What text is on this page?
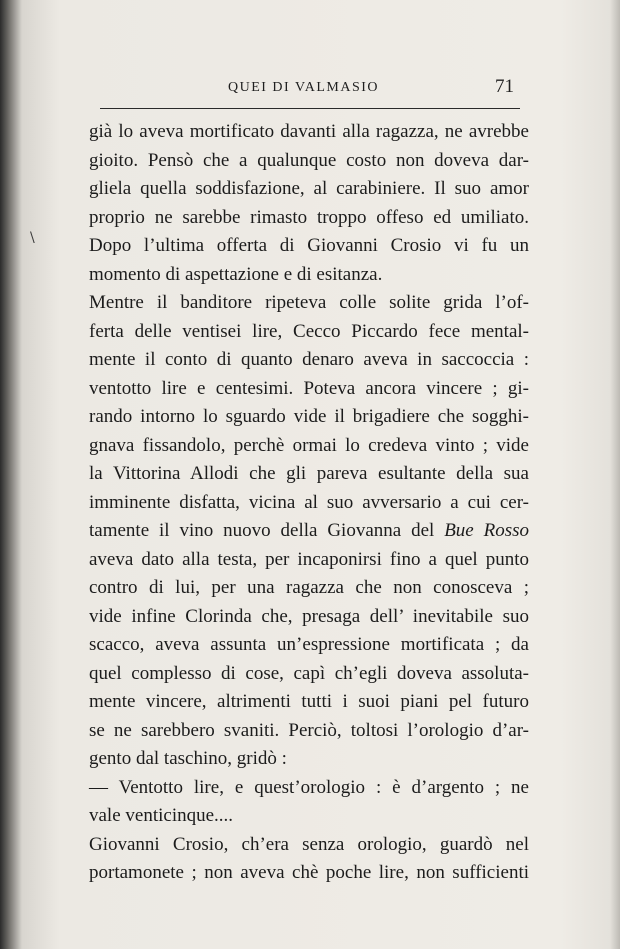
QUEI DI VALMASIO	71
\
già lo aveva mortificato davanti alla ragazza, ne avrebbe
gioito. Pensò che a qualunque costo non doveva dar-
gliela quella soddisfazione, al carabiniere. Il suo amor
proprio ne sarebbe rimasto troppo offeso ed umiliato.
Dopo l’ultima offerta di Giovanni Crosio vi fu un
momento di aspettazione e di esitanza.
Mentre il banditore ripeteva colle solite grida l’of-
ferta delle ventisei lire, Cecco Piccardo fece mental-
mente il conto di quanto denaro aveva in saccoccia :
ventotto lire e centesimi. Poteva ancora vincere ; gi-
rando intorno lo sguardo vide il brigadiere che sogghi-
gnava fissandolo, perchè ormai lo credeva vinto ; vide
la Vittorina Allodi che gli pareva esultante della sua
imminente disfatta, vicina al suo avversario a cui cer-
tamente il vino nuovo della Giovanna del Bue Rosso
aveva dato alla testa, per incaponirsi fino a quel punto
contro di lui, per una ragazza che non conosceva ;
vide infine Clorinda che, presaga dell’ inevitabile suo
scacco, aveva assunta un’espressione mortificata ; da
quel complesso di cose, capì ch’egli doveva assoluta-
mente vincere, altrimenti tutti i suoi piani pel futuro
se ne sarebbero svaniti. Perciò, toltosi l’orologio d’ar-
gento dal taschino, gridò :
— Ventotto lire, e quest’orologio : è d’argento ; ne
vale venticinque....
Giovanni Crosio, ch’era senza orologio, guardò nel
portamonete ; non aveva chè poche lire, non sufficienti
